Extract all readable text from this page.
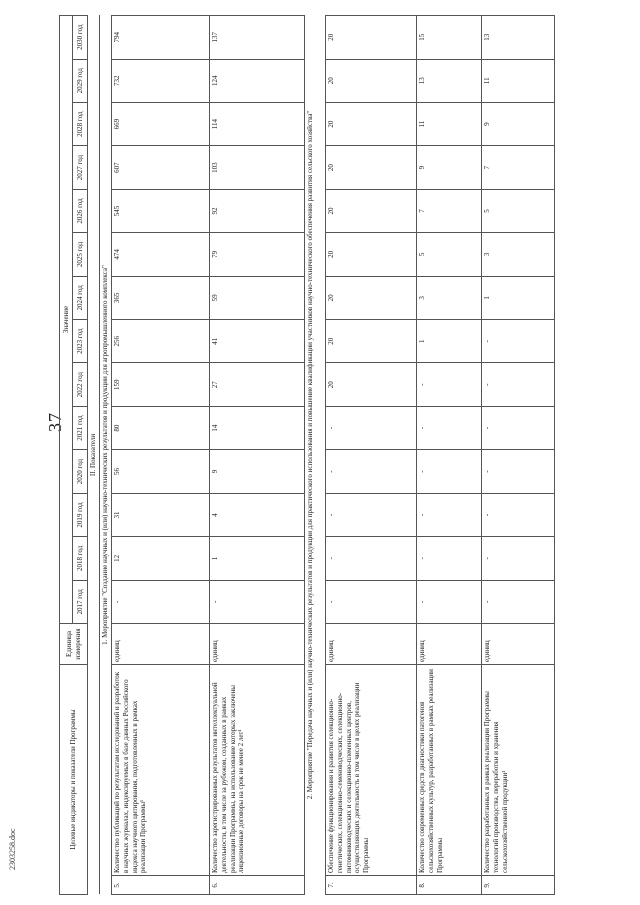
37
2303258.doc	Целевые индикаторы и показатели Программы		Единица измерения	Значение													
			2017 год	2018 год	2019 год	2020 год	2021 год	2022 год	2023 год	2024 год	2025 год	2026 год	2027 год	2028 год	2029 год	2030 год
II. Показатели																
1. Мероприятие "Создание научных и (или) научно-технических результатов и продукции для агропромышленного комплекса"																
5.	Количество публикаций по результатам исследований и разработок в научных журналах, индексируемых в базе данных Российского индекса научного цитирования, подготовленных в рамках реализации Программы¹	единиц	-	12	31	56	80	159	256	365	474	545	607	669	732	794
6.	Количество зарегистрированных результатов интеллектуальной деятельности, в том числе за рубежом, созданных в рамках реализации Программы, на использование которых заключены лицензионные договоры на срок не менее 2 лет¹	единиц	-	1	4	9	14	27	41	59	79	92	103	114	124	137
2. Мероприятие "Передача научных и (или) научно-технических результатов и продукции для практического использования и повышение квалификации участников научно-технического обеспечения развития сельского хозяйства"																
7.	Обеспечение функционирования и развития селекционно-генетических, селекционно-семеноводческих, селекционно-питомниководческих и селекционно-племенных центров, осуществляющих деятельность в том числе в целях реализации Программы	единиц	-	-	-	-	-	20	20	20	20	20	20	20	20	20
8.	Количество современных средств диагностики патогенов сельскохозяйственных культур, разработанных в рамках реализации Программы	единиц	-	-	-	-	-	-	1	3	5	7	9	11	13	15
9.	Количество разработанных в рамках реализации Программы технологий производства, переработки и хранения сельскохозяйственной продукции¹	единиц	-	-	-	-	-	-	-	1	3	5	7	9	11	13
